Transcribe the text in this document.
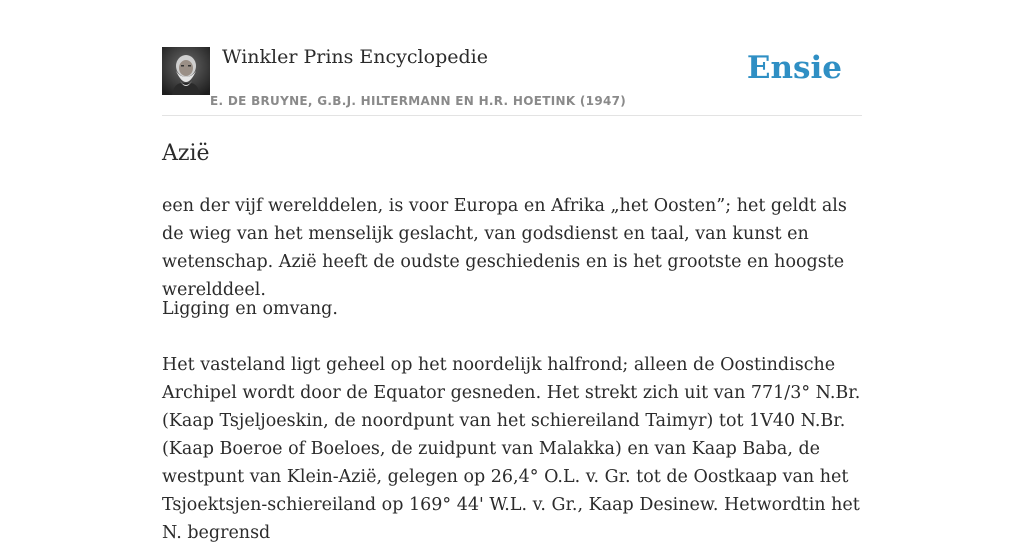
Winkler Prins Encyclopedie
E. DE BRUYNE, G.B.J. HILTERMANN EN H.R. HOETINK (1947)
Ensie
Azië

een der vijf werelddelen, is voor Europa en Afrika „het Oosten”; het geldt als de wieg van het menselijk geslacht, van godsdienst en taal, van kunst en wetenschap. Azië heeft de oudste geschiedenis en is het grootste en hoogste werelddeel.

Ligging en omvang.

Het vasteland ligt geheel op het noordelijk halfrond; alleen de Oostindische Archipel wordt door de Equator gesneden. Het strekt zich uit van 771/3° N.Br. (Kaap Tsjeljoeskin, de noordpunt van het schiereiland Taimyr) tot 1V40 N.Br. (Kaap Boeroe of Boeloes, de zuidpunt van Malakka) en van Kaap Baba, de westpunt van Klein-Azië, gelegen op 26,4° O.L. v. Gr. tot de Oostkaap van het Tsjoektsjen-schiereiland op 169° 44' W.L. v. Gr., Kaap Desinew. Hetwordtin het N. begrensd
